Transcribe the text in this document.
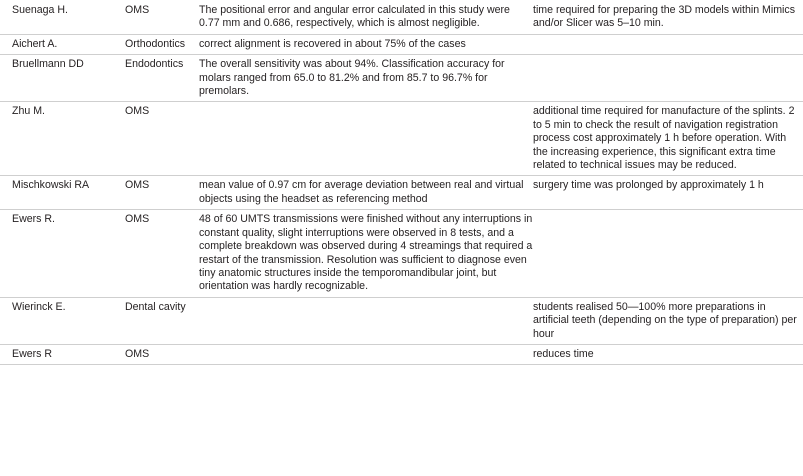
Suenaga H.	OMS	The positional error and angular error calculated in this study were 0.77 mm and 0.686, respectively, which is almost negligible.	time required for preparing the 3D models within Mimics and/or Slicer was 5–10 min.
Aichert A.	Orthodontics	correct alignment is recovered in about 75% of the cases	
Bruellmann DD	Endodontics	The overall sensitivity was about 94%. Classification accuracy for molars ranged from 65.0 to 81.2% and from 85.7 to 96.7% for premolars.	
Zhu M.	OMS		additional time required for manufacture of the splints. 2 to 5 min to check the result of navigation registration process cost approximately 1 h before operation. With the increasing experience, this significant extra time related to technical issues may be reduced.
Mischkowski RA	OMS	mean value of 0.97 cm for average deviation between real and virtual objects using the headset as referencing method	surgery time was prolonged by approximately 1 h
Ewers R.	OMS	48 of 60 UMTS transmissions were finished without any interruptions in constant quality, slight interruptions were observed in 8 tests, and a complete breakdown was observed during 4 streamings that required a restart of the transmission. Resolution was sufficient to diagnose even tiny anatomic structures inside the temporomandibular joint, but orientation was hardly recognizable.	
Wierinck E.	Dental cavity		students realised 50—100% more preparations in artificial teeth (depending on the type of preparation) per hour
Ewers R	OMS		reduces time
